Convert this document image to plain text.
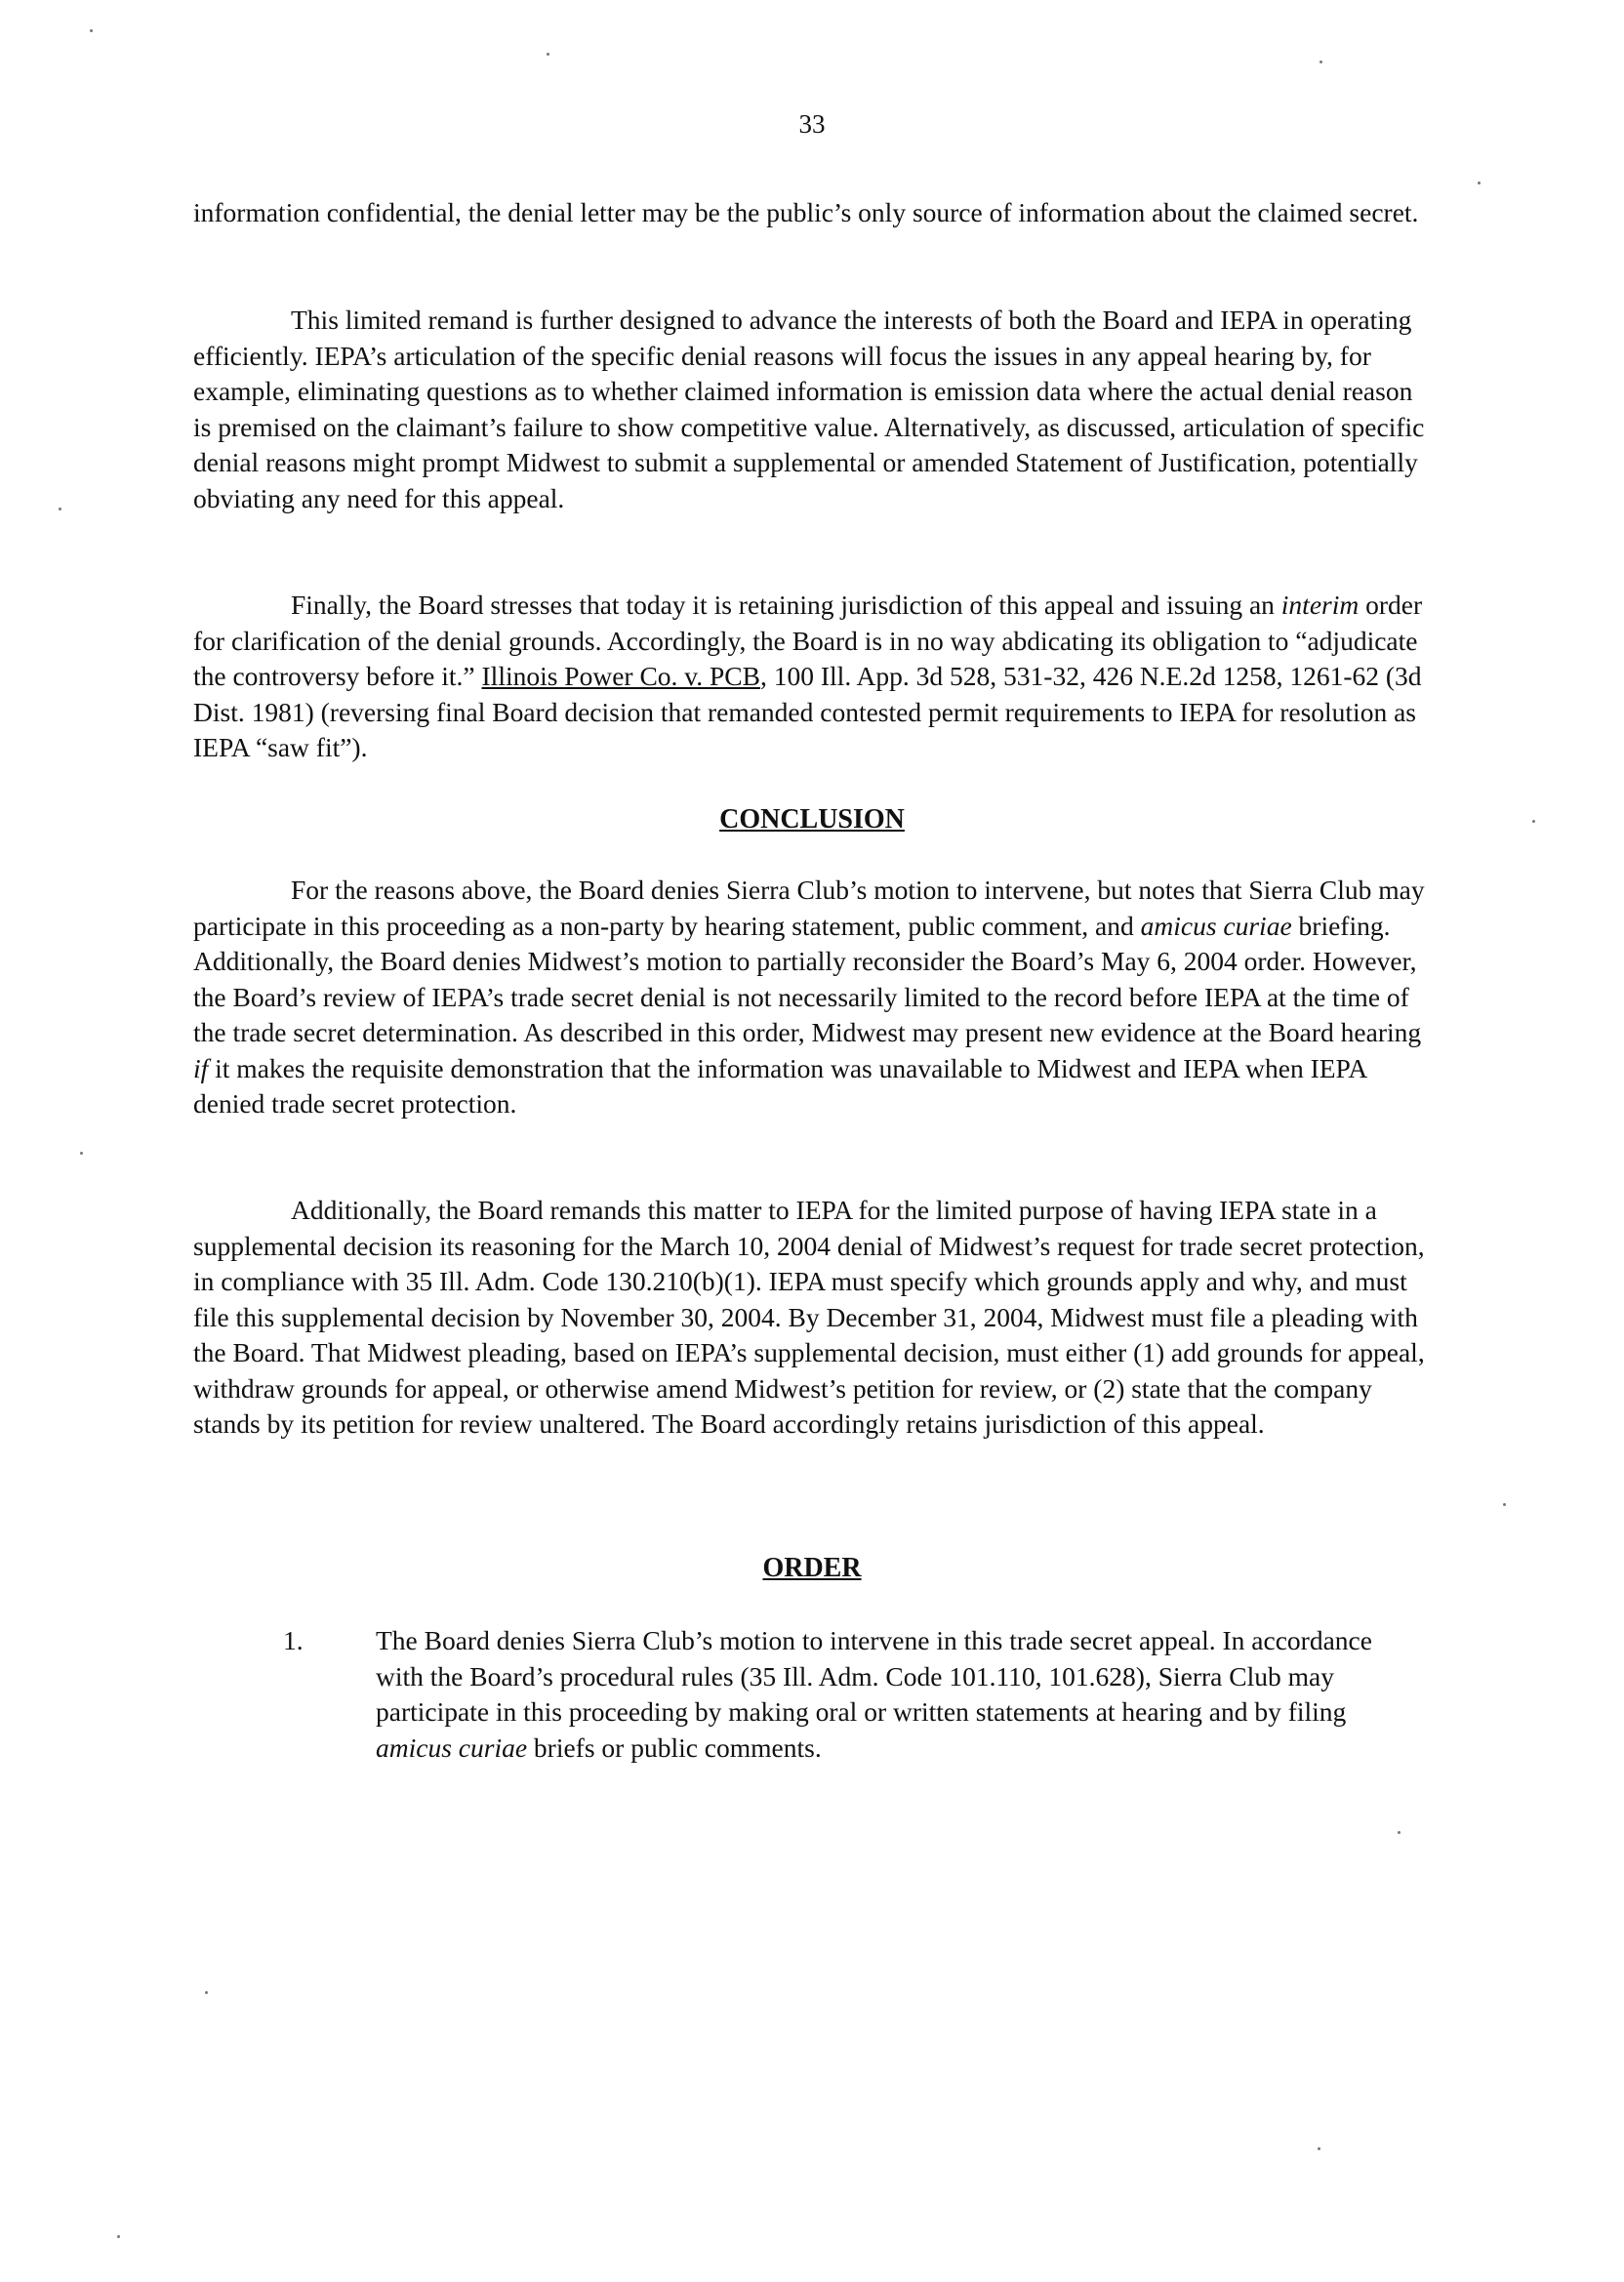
33

information confidential, the denial letter may be the public’s only source of information about the claimed secret.

This limited remand is further designed to advance the interests of both the Board and IEPA in operating efficiently. IEPA’s articulation of the specific denial reasons will focus the issues in any appeal hearing by, for example, eliminating questions as to whether claimed information is emission data where the actual denial reason is premised on the claimant’s failure to show competitive value. Alternatively, as discussed, articulation of specific denial reasons might prompt Midwest to submit a supplemental or amended Statement of Justification, potentially obviating any need for this appeal.

Finally, the Board stresses that today it is retaining jurisdiction of this appeal and issuing an interim order for clarification of the denial grounds. Accordingly, the Board is in no way abdicating its obligation to “adjudicate the controversy before it.” Illinois Power Co. v. PCB, 100 Ill. App. 3d 528, 531-32, 426 N.E.2d 1258, 1261-62 (3d Dist. 1981) (reversing final Board decision that remanded contested permit requirements to IEPA for resolution as IEPA “saw fit”).

CONCLUSION

For the reasons above, the Board denies Sierra Club’s motion to intervene, but notes that Sierra Club may participate in this proceeding as a non-party by hearing statement, public comment, and amicus curiae briefing. Additionally, the Board denies Midwest’s motion to partially reconsider the Board’s May 6, 2004 order. However, the Board’s review of IEPA’s trade secret denial is not necessarily limited to the record before IEPA at the time of the trade secret determination. As described in this order, Midwest may present new evidence at the Board hearing if it makes the requisite demonstration that the information was unavailable to Midwest and IEPA when IEPA denied trade secret protection.

Additionally, the Board remands this matter to IEPA for the limited purpose of having IEPA state in a supplemental decision its reasoning for the March 10, 2004 denial of Midwest’s request for trade secret protection, in compliance with 35 Ill. Adm. Code 130.210(b)(1). IEPA must specify which grounds apply and why, and must file this supplemental decision by November 30, 2004. By December 31, 2004, Midwest must file a pleading with the Board. That Midwest pleading, based on IEPA’s supplemental decision, must either (1) add grounds for appeal, withdraw grounds for appeal, or otherwise amend Midwest’s petition for review, or (2) state that the company stands by its petition for review unaltered. The Board accordingly retains jurisdiction of this appeal.

ORDER

1.	The Board denies Sierra Club’s motion to intervene in this trade secret appeal. In accordance with the Board’s procedural rules (35 Ill. Adm. Code 101.110, 101.628), Sierra Club may participate in this proceeding by making oral or written statements at hearing and by filing amicus curiae briefs or public comments.
